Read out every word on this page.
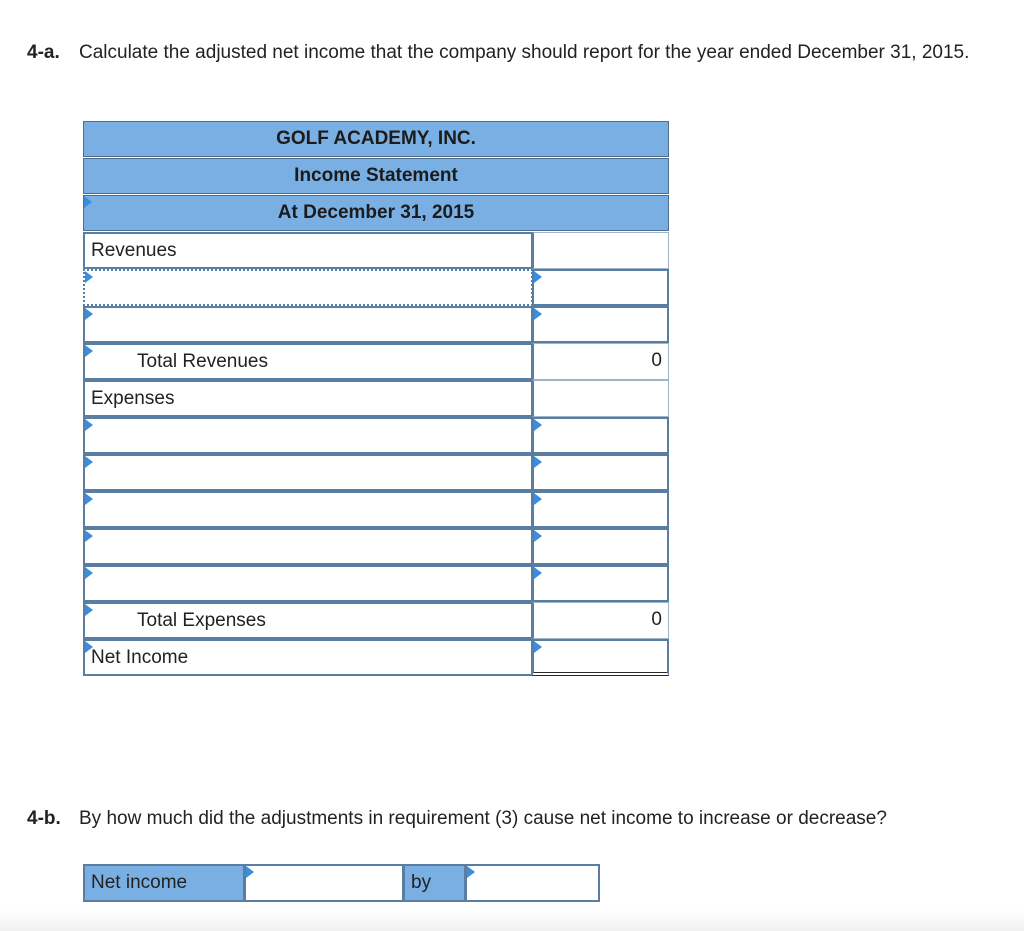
4-a. Calculate the adjusted net income that the company should report for the year ended December 31, 2015.
GOLF ACADEMY, INC.
Income Statement
At December 31, 2015
Revenues
Total Revenues	0
Expenses
Total Expenses	0
Net Income
4-b. By how much did the adjustments in requirement (3) cause net income to increase or decrease?
Net income	by
